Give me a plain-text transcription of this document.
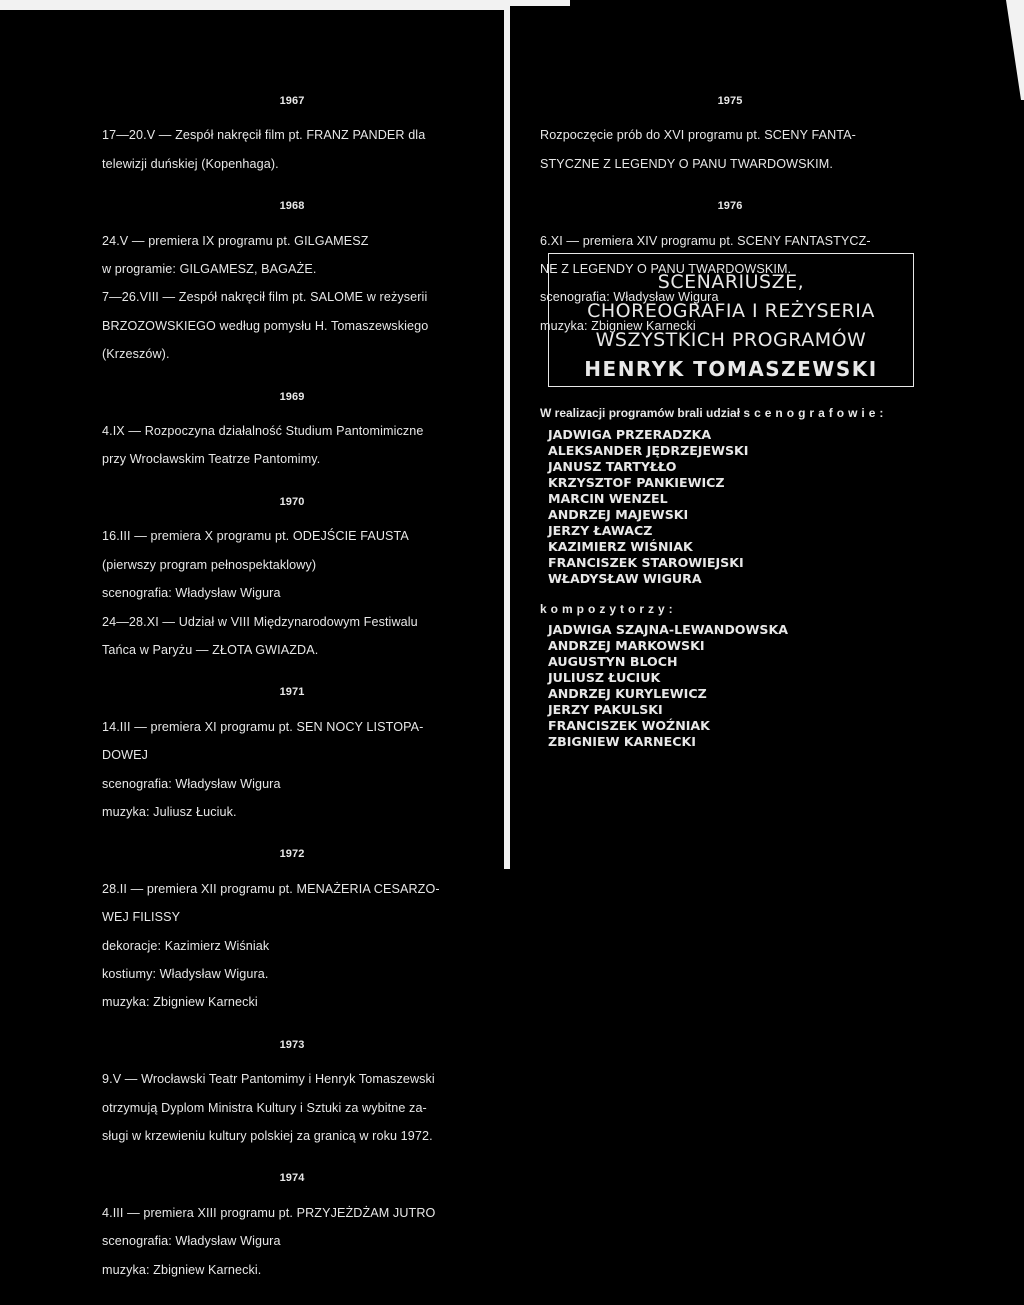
1967

17—20.V — Zespół nakręcił film pt. FRANZ PANDER dla

telewizji duńskiej (Kopenhaga).

1968

24.V — premiera IX programu pt. GILGAMESZ

w programie: GILGAMESZ, BAGAŻE.

7—26.VIII — Zespół nakręcił film pt. SALOME w reżyserii

BRZOZOWSKIEGO według pomysłu H. Tomaszewskiego

(Krzeszów).

1969

4.IX — Rozpoczyna działalność Studium Pantomimiczne

przy Wrocławskim Teatrze Pantomimy.

1970

16.III — premiera X programu pt. ODEJŚCIE FAUSTA

(pierwszy program pełnospektaklowy)

scenografia: Władysław Wigura

24—28.XI — Udział w VIII Międzynarodowym Festiwalu

Tańca w Paryżu — ZŁOTA GWIAZDA.

1971

14.III — premiera XI programu pt. SEN NOCY LISTOPA-

DOWEJ

scenografia: Władysław Wigura

muzyka: Juliusz Łuciuk.

1972

28.II — premiera XII programu pt. MENAŻERIA CESARZO-

WEJ FILISSY

dekoracje: Kazimierz Wiśniak

kostiumy: Władysław Wigura.

muzyka: Zbigniew Karnecki

1973

9.V — Wrocławski Teatr Pantomimy i Henryk Tomaszewski

otrzymują Dyplom Ministra Kultury i Sztuki za wybitne za-

sługi w krzewieniu kultury polskiej za granicą w roku 1972.

1974

4.III — premiera XIII programu pt. PRZYJEŻDŻAM JUTRO

scenografia: Władysław Wigura

muzyka: Zbigniew Karnecki.

1975

Rozpoczęcie prób do XVI programu pt. SCENY FANTA-

STYCZNE Z LEGENDY O PANU TWARDOWSKIM.

1976

6.XI — premiera XIV programu pt. SCENY FANTASTYCZ-

NE Z LEGENDY O PANU TWARDOWSKIM.

scenografia: Władysław Wigura

muzyka: Zbigniew Karnecki

SCENARIUSZE,
CHOREOGRAFIA I REŻYSERIA
WSZYSTKICH PROGRAMÓW
HENRYK TOMASZEWSKI
W realizacji programów brali udział scenografowie:
JADWIGA PRZERADZKA
ALEKSANDER JĘDRZEJEWSKI
JANUSZ TARTYŁŁO
KRZYSZTOF PANKIEWICZ
MARCIN WENZEL
ANDRZEJ MAJEWSKI
JERZY ŁAWACZ
KAZIMIERZ WIŚNIAK
FRANCISZEK STAROWIEJSKI
WŁADYSŁAW WIGURA
kompozytorzy:
JADWIGA SZAJNA-LEWANDOWSKA
ANDRZEJ MARKOWSKI
AUGUSTYN BLOCH
JULIUSZ ŁUCIUK
ANDRZEJ KURYLEWICZ
JERZY PAKULSKI
FRANCISZEK WOŹNIAK
ZBIGNIEW KARNECKI
